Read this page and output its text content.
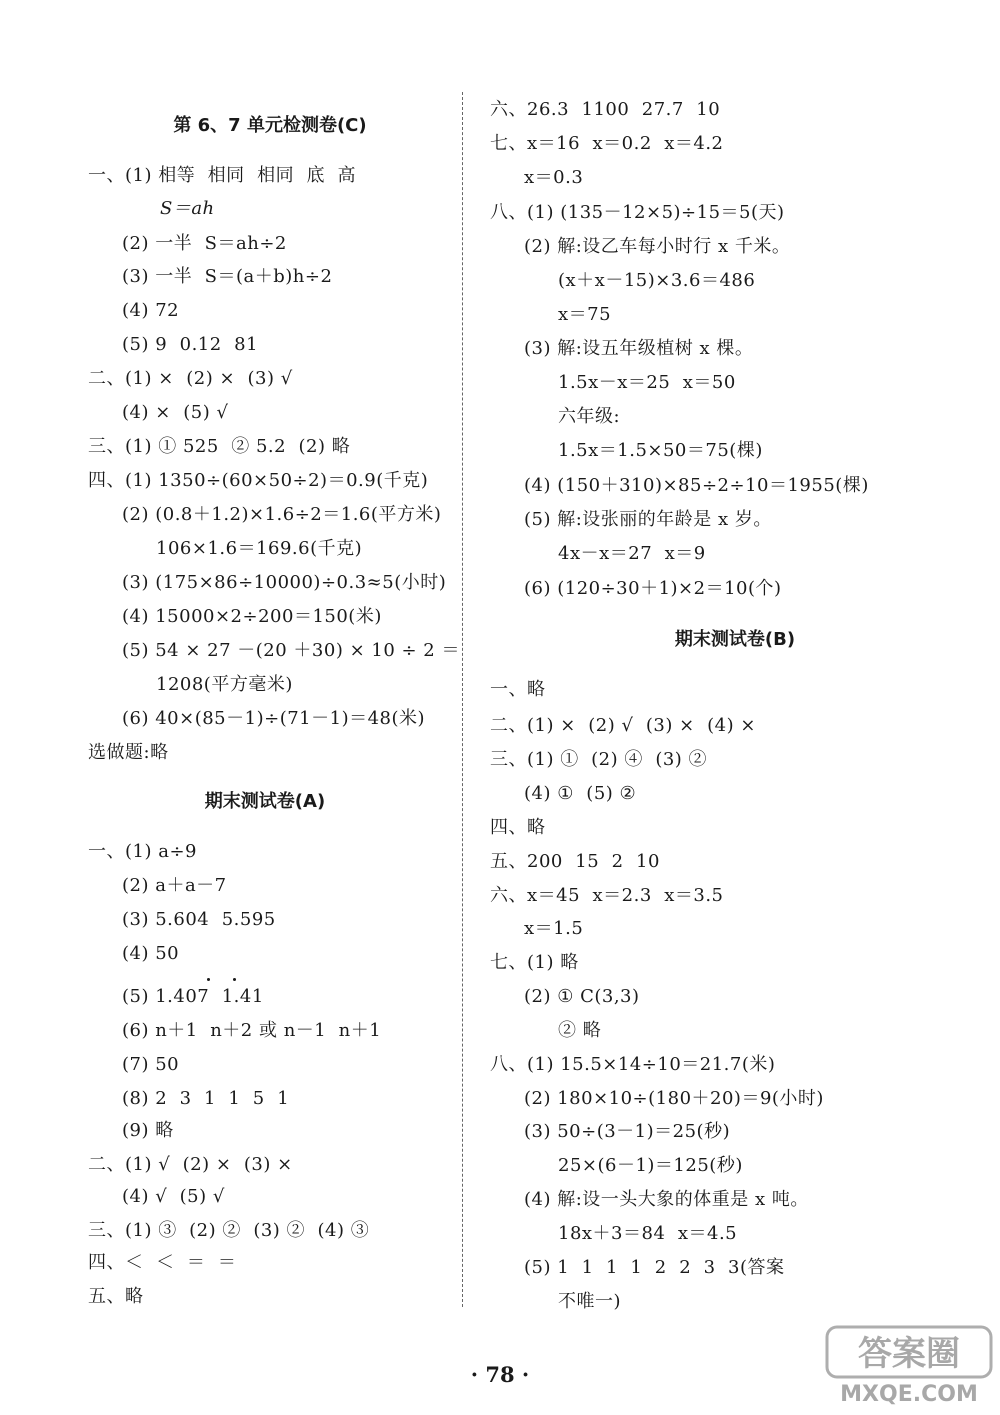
第 6、7 单元检测卷(C)
一、(1) 相等  相同  相同  底  高
S＝ah
(2) 一半  S＝ah÷2
(3) 一半  S＝(a＋b)h÷2
(4) 72
(5) 9  0.12  81
二、(1) ×  (2) ×  (3) √
(4) ×  (5) √
三、(1) ① 525  ② 5.2  (2) 略
四、(1) 1350÷(60×50÷2)＝0.9(千克)
(2) (0.8＋1.2)×1.6÷2＝1.6(平方米)
106×1.6＝169.6(千克)
(3) (175×86÷10000)÷0.3≈5(小时)
(4) 15000×2÷200＝150(米)
(5) 54 × 27 －(20 ＋30) × 10 ÷ 2 ＝
1208(平方毫米)
(6) 40×(85－1)÷(71－1)＝48(米)
选做题:略
期末测试卷(A)
一、(1) a÷9
(2) a＋a－7
(3) 5.604  5.595
(4) 50
(5) 1.407  1.41
(6) n＋1  n＋2 或 n－1  n＋1
(7) 50
(8) 2  3  1  1  5  1
(9) 略
二、(1) √  (2) ×  (3) ×
(4) √  (5) √
三、(1) ③  (2) ②  (3) ②  (4) ③
四、＜  ＜  ＝  ＝
五、略
六、26.3  1100  27.7  10
七、x＝16  x＝0.2  x＝4.2
x＝0.3
八、(1) (135－12×5)÷15＝5(天)
(2) 解:设乙车每小时行 x 千米。
(x＋x－15)×3.6＝486
x＝75
(3) 解:设五年级植树 x 棵。
1.5x－x＝25  x＝50
六年级:
1.5x＝1.5×50＝75(棵)
(4) (150＋310)×85÷2÷10＝1955(棵)
(5) 解:设张丽的年龄是 x 岁。
4x－x＝27  x＝9
(6) (120÷30＋1)×2＝10(个)
期末测试卷(B)
一、略
二、(1) ×  (2) √  (3) ×  (4) ×
三、(1) ①  (2) ④  (3) ②
(4) ①  (5) ②
四、略
五、200  15  2  10
六、x＝45  x＝2.3  x＝3.5
x＝1.5
七、(1) 略
(2) ① C(3,3)
② 略
八、(1) 15.5×14÷10＝21.7(米)
(2) 180×10÷(180＋20)＝9(小时)
(3) 50÷(3－1)＝25(秒)
25×(6－1)＝125(秒)
(4) 解:设一头大象的体重是 x 吨。
18x＋3＝84  x＝4.5
(5) 1  1  1  1  2  2  3  3(答案
不唯一)
· 78 ·
答案圈
MXQE.COM
